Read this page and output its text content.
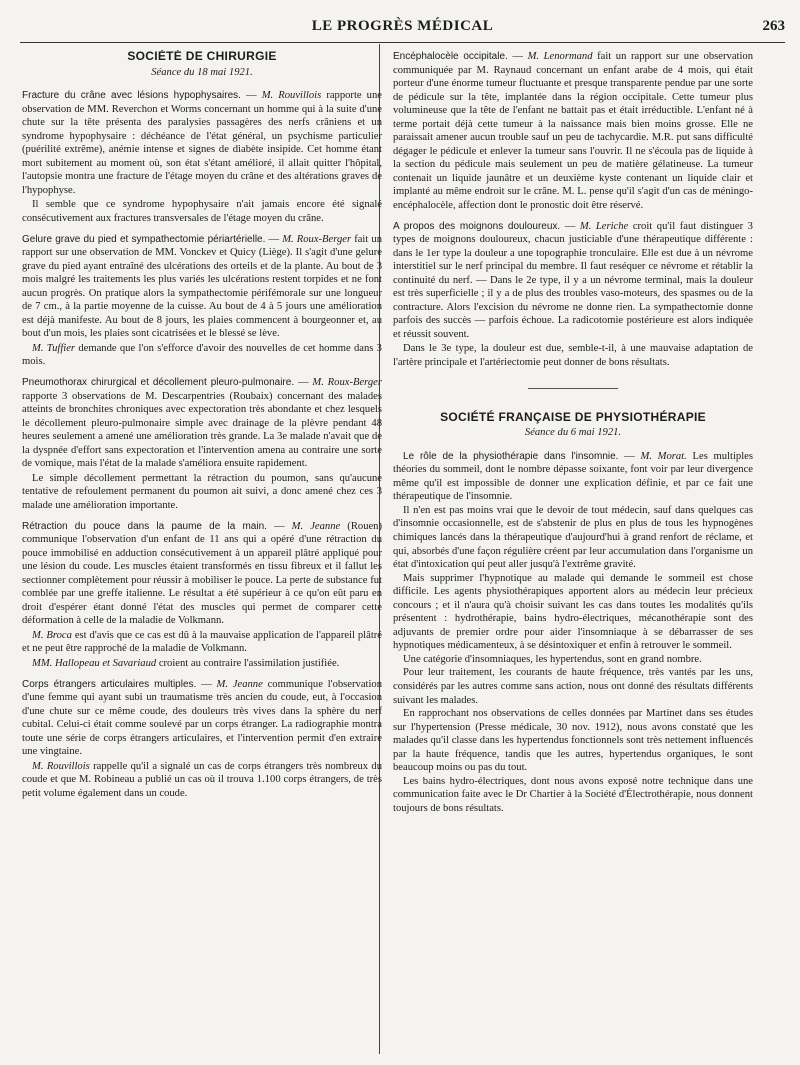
LE PROGRÈS MÉDICAL	263
SOCIÉTÉ DE CHIRURGIE
Séance du 18 mai 1921.

Fracture du crâne avec lésions hypophysaires. — M. Rouvillois rapporte une observation de MM. Reverchon et Worms concernant un homme qui à la suite d'une chute sur la tête présenta des paralysies passagères des nerfs crâniens et un syndrome hypophysaire : déchéance de l'état général, un psychisme particulier (puérilité extrême), anémie intense et signes de diabète insipide. Cet homme étant mort subitement au moment où, son état s'étant amélioré, il allait quitter l'hôpital, l'autopsie montra une fracture de l'étage moyen du crâne et des altérations graves de l'hypophyse.

Il semble que ce syndrome hypophysaire n'ait jamais encore été signalé consécutivement aux fractures transversales de l'étage moyen du crâne.

Gelure grave du pied et sympathectomie périartérielle. — M. Roux-Berger fait un rapport sur une observation de MM. Vonckev et Quicy (Liège). Il s'agit d'une gelure grave du pied ayant entraîné des ulcérations des orteils et de la plante. Au bout de 3 mois malgré les traitements les plus variés les ulcérations restent torpides et ne font aucun progrès. On pratique alors la sympathectomie périfémorale sur une longueur de 7 cm., à la partie moyenne de la cuisse. Au bout de 4 à 5 jours une amélioration est déjà manifeste. Au bout de 8 jours, les plaies commencent à bourgeonner et, au bout d'un mois, les plaies sont cicatrisées et le blessé se lève.

M. Tuffier demande que l'on s'efforce d'avoir des nouvelles de cet homme dans 3 mois.

Pneumothorax chirurgical et décollement pleuro-pulmonaire. — M. Roux-Berger rapporte 3 observations de M. Descarpentries (Roubaix) concernant des malades atteints de bronchites chroniques avec expectoration très abondante et chez lesquels le décollement pleuro-pulmonaire simple avec drainage de la plèvre pendant 48 heures seulement a amené une amélioration très grande. La 3e malade n'avait que de la dyspnée d'effort sans expectoration et l'intervention amena au contraire une sorte de vomique, mais l'état de la malade s'améliora ensuite rapidement.

Le simple décollement permettant la rétraction du poumon, sans qu'aucune tentative de refoulement permanent du poumon ait suivi, a donc amené chez ces 3 malade une amélioration importante.

Rétraction du pouce dans la paume de la main. — M. Jeanne (Rouen) communique l'observation d'un enfant de 11 ans qui a opéré d'une rétraction du pouce immobilisé en adduction consécutivement à un appareil plâtré appliqué pour une lésion du coude. Les muscles étaient transformés en tissu fibreux et il fallut les sectionner complètement pour réussir à mobiliser le pouce. La perte de substance fut comblée par une greffe italienne. Le résultat a été supérieur à ce qu'on eût paru en droit d'espérer étant donné l'état des muscles qui permet de comparer cette déformation à celle de la maladie de Volkmann.

M. Broca est d'avis que ce cas est dû à la mauvaise application de l'appareil plâtré et ne peut être rapproché de la maladie de Volkmann.

MM. Hallopeau et Savariaud croient au contraire l'assimilation justifiée.

Corps étrangers articulaires multiples. — M. Jeanne communique l'observation d'une femme qui ayant subi un traumatisme très ancien du coude, eut, à l'occasion d'une chute sur ce même coude, des douleurs très vives dans la sphère du nerf cubital. Celui-ci était comme soulevé par un corps étranger. La radiographie montra toute une série de corps étrangers articulaires, et l'intervention permit d'en extraire une vingtaine.

M. Rouvillois rappelle qu'il a signalé un cas de corps étrangers très nombreux du coude et que M. Robineau a publié un cas où il trouva 1.100 corps étrangers, de très petit volume également dans un coude.

Encéphalocèle occipitale. — M. Lenormand fait un rapport sur une observation communiquée par M. Raynaud concernant un enfant arabe de 4 mois, qui était porteur d'une énorme tumeur fluctuante et presque transparente pendue par une sorte de pédicule sur la tête, implantée dans la région occipitale. Cette tumeur plus volumineuse que la tête de l'enfant ne battait pas et était irréductible. L'enfant né à terme portait déjà cette tumeur à la naissance mais bien moins grosse. Elle ne paraissait amener aucun trouble sauf un peu de tachycardie. M.R. put sans difficulté dégager le pédicule et enlever la tumeur sans l'ouvrir. Il ne s'écoula pas de liquide à la section du pédicule mais seulement un peu de matière gélatineuse. La tumeur contenait un liquide jaunâtre et un deuxième kyste contenant un liquide clair et implanté au même endroit sur le crâne. M. L. pense qu'il s'agit d'un cas de méningo-encéphalocèle, affection dont le pronostic doit être réservé.

A propos des moignons douloureux. — M. Leriche croit qu'il faut distinguer 3 types de moignons douloureux, chacun justiciable d'une thérapeutique différente : dans le 1er type la douleur a une topographie tronculaire. Elle est due à un névrome interstitiel sur le nerf principal du membre. Il faut reséquer ce névrome et rétablir la continuité du nerf. — Dans le 2e type, il y a un névrome terminal, mais la douleur est très superficielle ; il y a de plus des troubles vaso-moteurs, des spasmes ou de la contracture. Alors l'excision du névrome ne donne rien. La sympathectomie donne parfois des succès — parfois échoue. La radicotomie postérieure est alors indiquée et réussit souvent.

Dans le 3e type, la douleur est due, semble-t-il, à une mauvaise adaptation de l'artère principale et l'artériectomie peut donner de bons résultats.

SOCIÉTÉ FRANÇAISE DE PHYSIOTHÉRAPIE
Séance du 6 mai 1921.

Le rôle de la physiothérapie dans l'insomnie. — M. Morat. Les multiples théories du sommeil, dont le nombre dépasse soixante, font voir par leur divergence même qu'il est impossible de donner une explication définie, et par ce fait une thérapeutique de l'insomnie.

Il n'en est pas moins vrai que le devoir de tout médecin, sauf dans quelques cas d'insomnie occasionnelle, est de s'abstenir de plus en plus de tous les hypnogènes chimiques lancés dans la thérapeutique d'aujourd'hui à grand renfort de réclame, et qui, absorbés d'une façon régulière créent par leur accumulation dans l'organisme un état d'intoxication qui peut aller jusqu'à l'extrême gravité.

Mais supprimer l'hypnotique au malade qui demande le sommeil est chose difficile. Les agents physiothérapiques apportent alors au médecin leur précieux concours ; et il n'aura qu'à choisir suivant les cas dans toutes les modalités qu'ils présentent : hydrothérapie, bains hydro-électriques, mécanothérapie sont des adjuvants de premier ordre pour aider l'insomniaque à se débarrasser de ses hypnotiques médicamenteux, à se désintoxiquer et enfin à retrouver le sommeil.

Une catégorie d'insomniaques, les hypertendus, sont en grand nombre.

Pour leur traitement, les courants de haute fréquence, très vantés par les uns, considérés par les autres comme sans action, nous ont donné des résultats différents suivant les malades.

En rapprochant nos observations de celles données par Martinet dans ses études sur l'hypertension (Presse médicale, 30 nov. 1912), nous avons constaté que les malades qu'il classe dans les hypertendus fonctionnels sont très nettement influencés par la haute fréquence, tandis que les autres, hypertendus organiques, le sont beaucoup moins ou pas du tout.

Les bains hydro-électriques, dont nous avons exposé notre technique dans une communication faite avec le Dr Chartier à la Société d'Électrothérapie, nous donnent toujours de bons résultats.
